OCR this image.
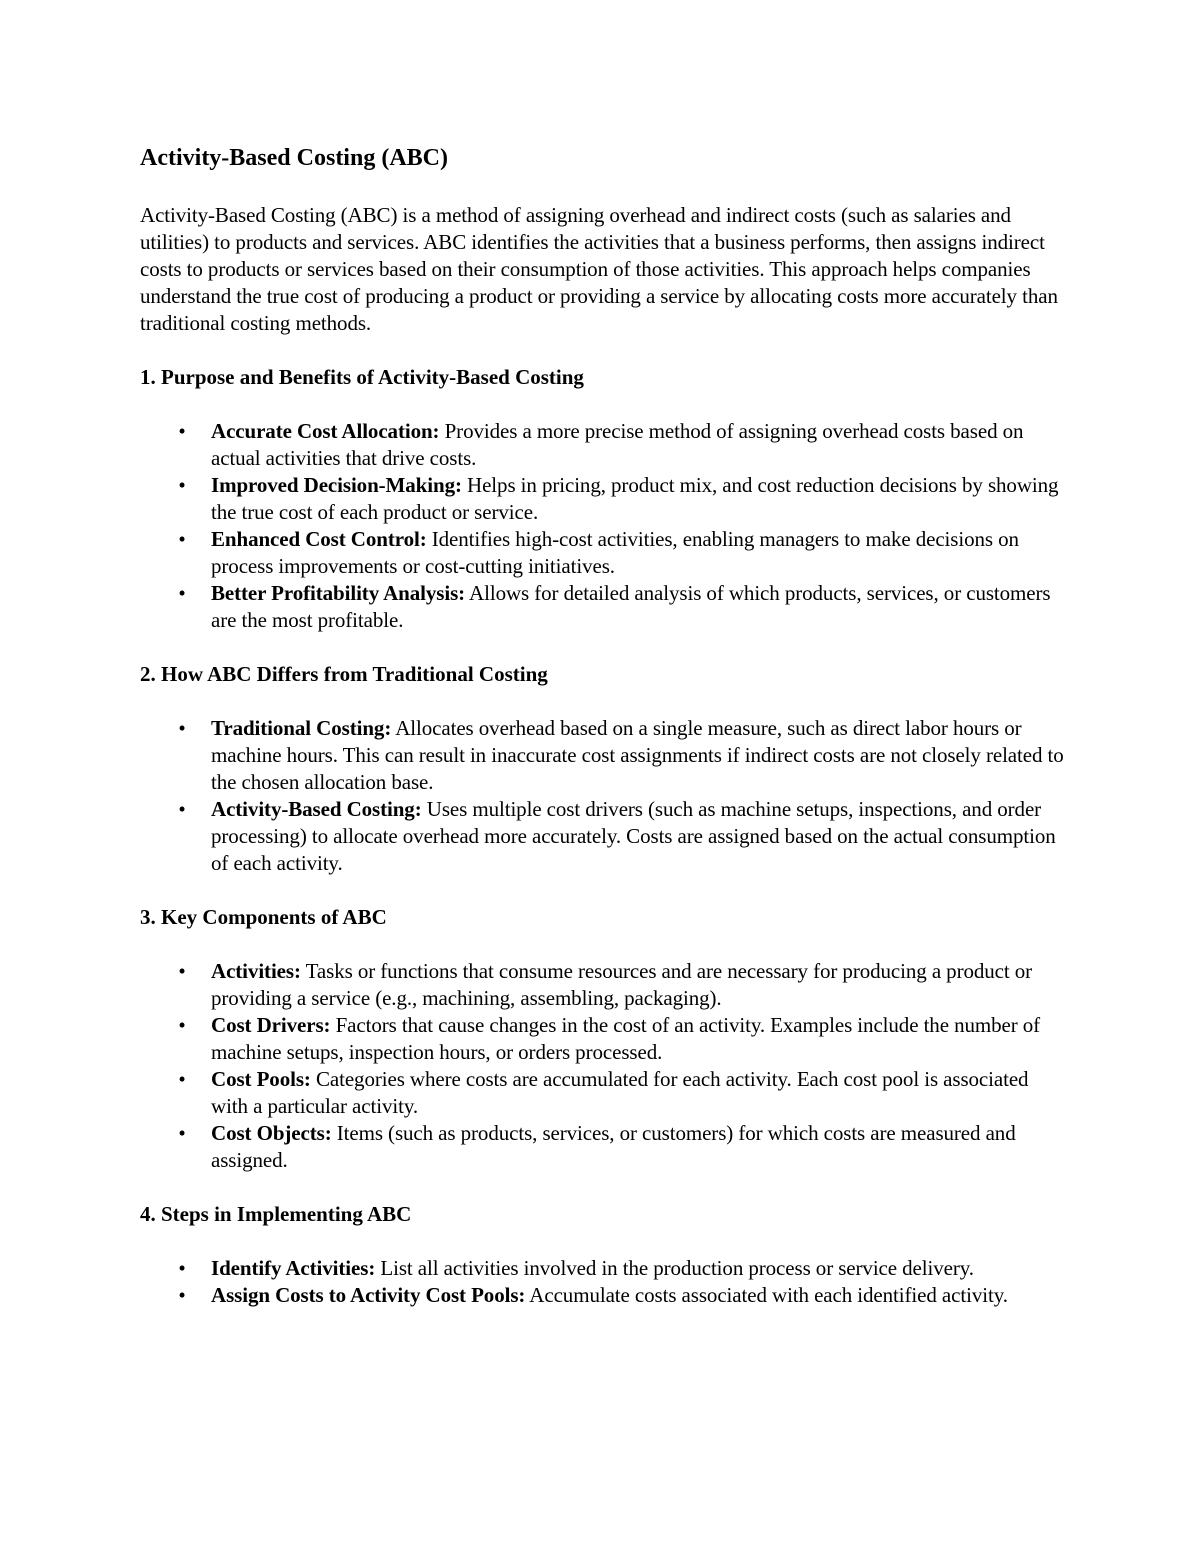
Activity-Based Costing (ABC)

Activity-Based Costing (ABC) is a method of assigning overhead and indirect costs (such as salaries and utilities) to products and services. ABC identifies the activities that a business performs, then assigns indirect costs to products or services based on their consumption of those activities. This approach helps companies understand the true cost of producing a product or providing a service by allocating costs more accurately than traditional costing methods.

1. Purpose and Benefits of Activity-Based Costing
• Accurate Cost Allocation: Provides a more precise method of assigning overhead costs based on actual activities that drive costs.
• Improved Decision-Making: Helps in pricing, product mix, and cost reduction decisions by showing the true cost of each product or service.
• Enhanced Cost Control: Identifies high-cost activities, enabling managers to make decisions on process improvements or cost-cutting initiatives.
• Better Profitability Analysis: Allows for detailed analysis of which products, services, or customers are the most profitable.
2. How ABC Differs from Traditional Costing
• Traditional Costing: Allocates overhead based on a single measure, such as direct labor hours or machine hours. This can result in inaccurate cost assignments if indirect costs are not closely related to the chosen allocation base.
• Activity-Based Costing: Uses multiple cost drivers (such as machine setups, inspections, and order processing) to allocate overhead more accurately. Costs are assigned based on the actual consumption of each activity.
3. Key Components of ABC
• Activities: Tasks or functions that consume resources and are necessary for producing a product or providing a service (e.g., machining, assembling, packaging).
• Cost Drivers: Factors that cause changes in the cost of an activity. Examples include the number of machine setups, inspection hours, or orders processed.
• Cost Pools: Categories where costs are accumulated for each activity. Each cost pool is associated with a particular activity.
• Cost Objects: Items (such as products, services, or customers) for which costs are measured and assigned.
4. Steps in Implementing ABC
• Identify Activities: List all activities involved in the production process or service delivery.
• Assign Costs to Activity Cost Pools: Accumulate costs associated with each identified activity.
